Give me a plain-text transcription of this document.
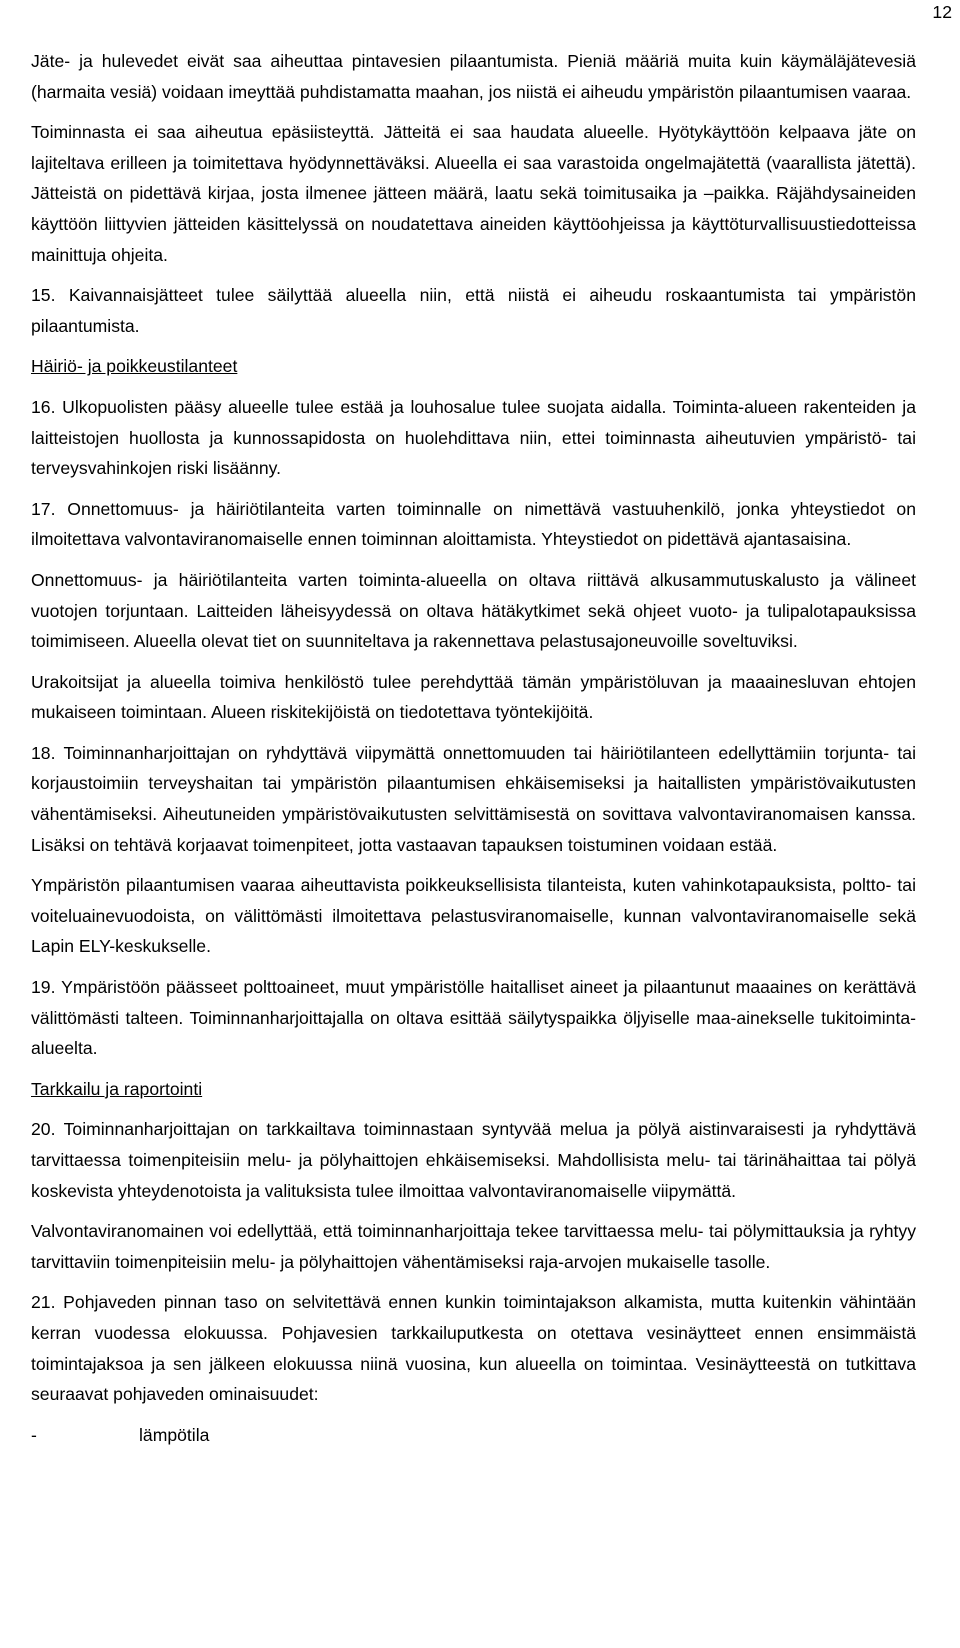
12

Jäte- ja hulevedet eivät saa aiheuttaa pintavesien pilaantumista. Pieniä määriä muita kuin käymäläjätevesiä (harmaita vesiä) voidaan imeyttää puhdistamatta maahan, jos niistä ei aiheudu ympäristön pilaantumisen vaaraa.

Toiminnasta ei saa aiheutua epäsiisteyttä. Jätteitä ei saa haudata alueelle. Hyötykäyttöön kelpaava jäte on lajiteltava erilleen ja toimitettava hyödynnettäväksi. Alueella ei saa varastoida ongelmajätettä (vaarallista jätettä). Jätteistä on pidettävä kirjaa, josta ilmenee jätteen määrä, laatu sekä toimitusaika ja –paikka. Räjähdysaineiden käyttöön liittyvien jätteiden käsittelyssä on noudatettava aineiden käyttöohjeissa ja käyttöturvallisuustiedotteissa mainittuja ohjeita.

15. Kaivannaisjätteet tulee säilyttää alueella niin, että niistä ei aiheudu roskaantumista tai ympäristön pilaantumista.

Häiriö- ja poikkeustilanteet

16. Ulkopuolisten pääsy alueelle tulee estää ja louhosalue tulee suojata aidalla. Toiminta-alueen rakenteiden ja laitteistojen huollosta ja kunnossapidosta on huolehdittava niin, ettei toiminnasta aiheutuvien ympäristö- tai terveysvahinkojen riski lisäänny.

17. Onnettomuus- ja häiriötilanteita varten toiminnalle on nimettävä vastuuhenkilö, jonka yhteystiedot on ilmoitettava valvontaviranomaiselle ennen toiminnan aloittamista. Yhteystiedot on pidettävä ajantasaisina.

Onnettomuus- ja häiriötilanteita varten toiminta-alueella on oltava riittävä alkusammutuskalusto ja välineet vuotojen torjuntaan. Laitteiden läheisyydessä on oltava hätäkytkimet sekä ohjeet vuoto- ja tulipalotapauksissa toimimiseen. Alueella olevat tiet on suunniteltava ja rakennettava pelastusajoneuvoille soveltuviksi.

Urakoitsijat ja alueella toimiva henkilöstö tulee perehdyttää tämän ympäristöluvan ja maaainesluvan ehtojen mukaiseen toimintaan. Alueen riskitekijöistä on tiedotettava työntekijöitä.

18. Toiminnanharjoittajan on ryhdyttävä viipymättä onnettomuuden tai häiriötilanteen edellyttämiin torjunta- tai korjaustoimiin terveyshaitan tai ympäristön pilaantumisen ehkäisemiseksi ja haitallisten ympäristövaikutusten vähentämiseksi. Aiheutuneiden ympäristövaikutusten selvittämisestä on sovittava valvontaviranomaisen kanssa. Lisäksi on tehtävä korjaavat toimenpiteet, jotta vastaavan tapauksen toistuminen voidaan estää.

Ympäristön pilaantumisen vaaraa aiheuttavista poikkeuksellisista tilanteista, kuten vahinkotapauksista, poltto- tai voiteluainevuodoista, on välittömästi ilmoitettava pelastusviranomaiselle, kunnan valvontaviranomaiselle sekä Lapin ELY-keskukselle.

19. Ympäristöön päässeet polttoaineet, muut ympäristölle haitalliset aineet ja pilaantunut maaaines on kerättävä välittömästi talteen. Toiminnanharjoittajalla on oltava esittää säilytyspaikka öljyiselle maa-ainekselle tukitoiminta-alueelta.

Tarkkailu ja raportointi

20. Toiminnanharjoittajan on tarkkailtava toiminnastaan syntyvää melua ja pölyä aistinvaraisesti ja ryhdyttävä tarvittaessa toimenpiteisiin melu- ja pölyhaittojen ehkäisemiseksi. Mahdollisista melu- tai tärinähaittaa tai pölyä koskevista yhteydenotoista ja valituksista tulee ilmoittaa valvontaviranomaiselle viipymättä.

Valvontaviranomainen voi edellyttää, että toiminnanharjoittaja tekee tarvittaessa melu- tai pölymittauksia ja ryhtyy tarvittaviin toimenpiteisiin melu- ja pölyhaittojen vähentämiseksi raja-arvojen mukaiselle tasolle.

21. Pohjaveden pinnan taso on selvitettävä ennen kunkin toimintajakson alkamista, mutta kuitenkin vähintään kerran vuodessa elokuussa. Pohjavesien tarkkailuputkesta on otettava vesinäytteet ennen ensimmäistä toimintajaksoa ja sen jälkeen elokuussa niinä vuosina, kun alueella on toimintaa. Vesinäytteestä on tutkittava seuraavat pohjaveden ominaisuudet:

-	lämpötila
